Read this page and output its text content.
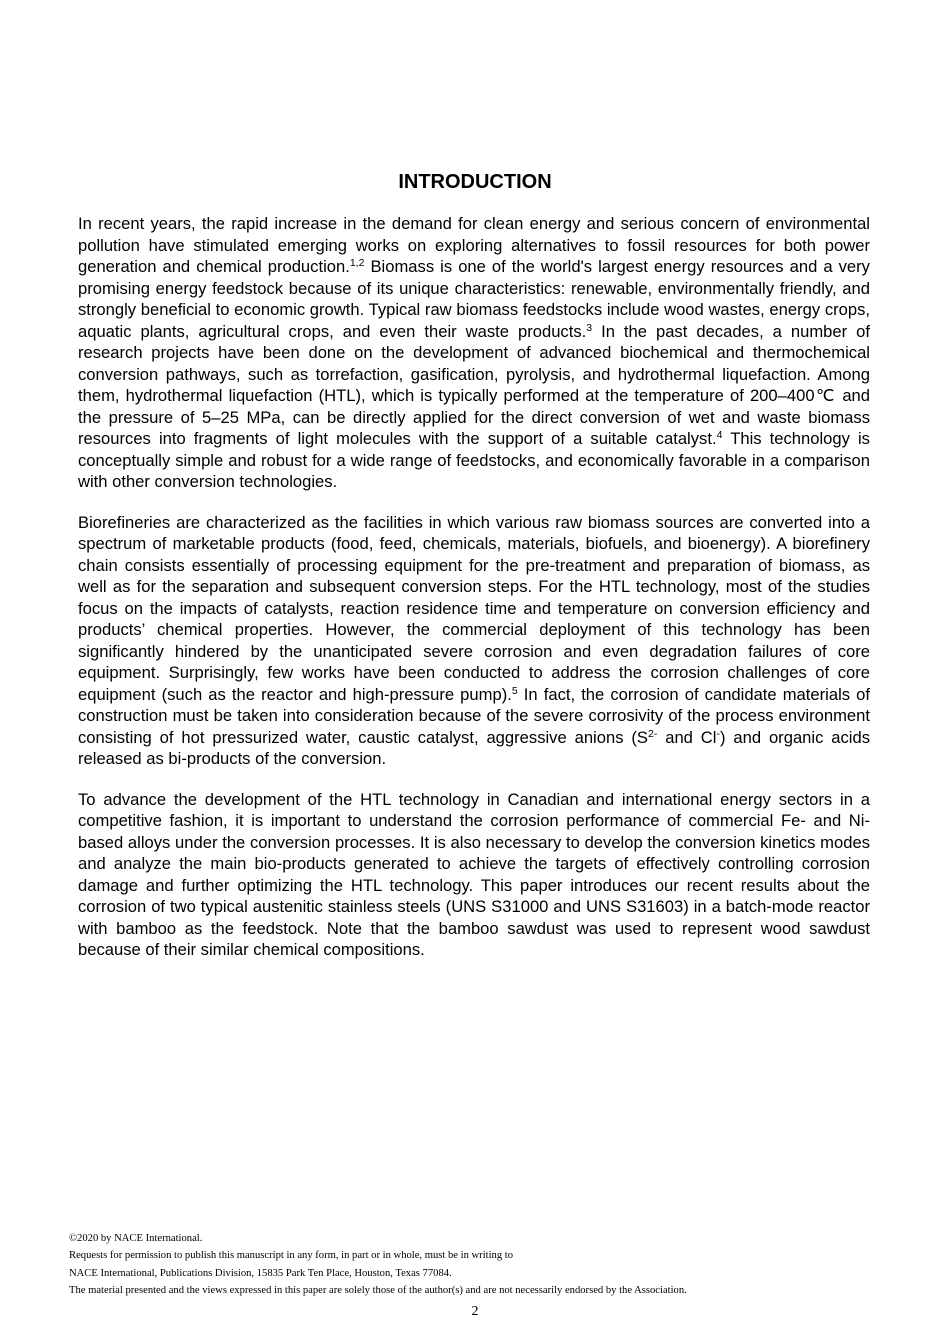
INTRODUCTION

In recent years, the rapid increase in the demand for clean energy and serious concern of environmental pollution have stimulated emerging works on exploring alternatives to fossil resources for both power generation and chemical production.$^{1,2}$ Biomass is one of the world's largest energy resources and a very promising energy feedstock because of its unique characteristics: renewable, environmentally friendly, and strongly beneficial to economic growth. Typical raw biomass feedstocks include wood wastes, energy crops, aquatic plants, agricultural crops, and even their waste products.$^3$ In the past decades, a number of research projects have been done on the development of advanced biochemical and thermochemical conversion pathways, such as torrefaction, gasification, pyrolysis, and hydrothermal liquefaction. Among them, hydrothermal liquefaction (HTL), which is typically performed at the temperature of 200–400℃ and the pressure of 5–25 MPa, can be directly applied for the direct conversion of wet and waste biomass resources into fragments of light molecules with the support of a suitable catalyst.$^4$ This technology is conceptually simple and robust for a wide range of feedstocks, and economically favorable in a comparison with other conversion technologies.

Biorefineries are characterized as the facilities in which various raw biomass sources are converted into a spectrum of marketable products (food, feed, chemicals, materials, biofuels, and bioenergy). A biorefinery chain consists essentially of processing equipment for the pre-treatment and preparation of biomass, as well as for the separation and subsequent conversion steps. For the HTL technology, most of the studies focus on the impacts of catalysts, reaction residence time and temperature on conversion efficiency and products’ chemical properties. However, the commercial deployment of this technology has been significantly hindered by the unanticipated severe corrosion and even degradation failures of core equipment. Surprisingly, few works have been conducted to address the corrosion challenges of core equipment (such as the reactor and high-pressure pump).$^5$ In fact, the corrosion of candidate materials of construction must be taken into consideration because of the severe corrosivity of the process environment consisting of hot pressurized water, caustic catalyst, aggressive anions ($S^{2-}$ and Cl-) and organic acids released as bi-products of the conversion.

To advance the development of the HTL technology in Canadian and international energy sectors in a competitive fashion, it is important to understand the corrosion performance of commercial Fe- and Ni-based alloys under the conversion processes. It is also necessary to develop the conversion kinetics modes and analyze the main bio-products generated to achieve the targets of effectively controlling corrosion damage and further optimizing the HTL technology. This paper introduces our recent results about the corrosion of two typical austenitic stainless steels (UNS S31000 and UNS S31603) in a batch-mode reactor with bamboo as the feedstock. Note that the bamboo sawdust was used to represent wood sawdust because of their similar chemical compositions.

©2020 by NACE International.
Requests for permission to publish this manuscript in any form, in part or in whole, must be in writing to
NACE International, Publications Division, 15835 Park Ten Place, Houston, Texas 77084.
The material presented and the views expressed in this paper are solely those of the author(s) and are not necessarily endorsed by the Association.
2
